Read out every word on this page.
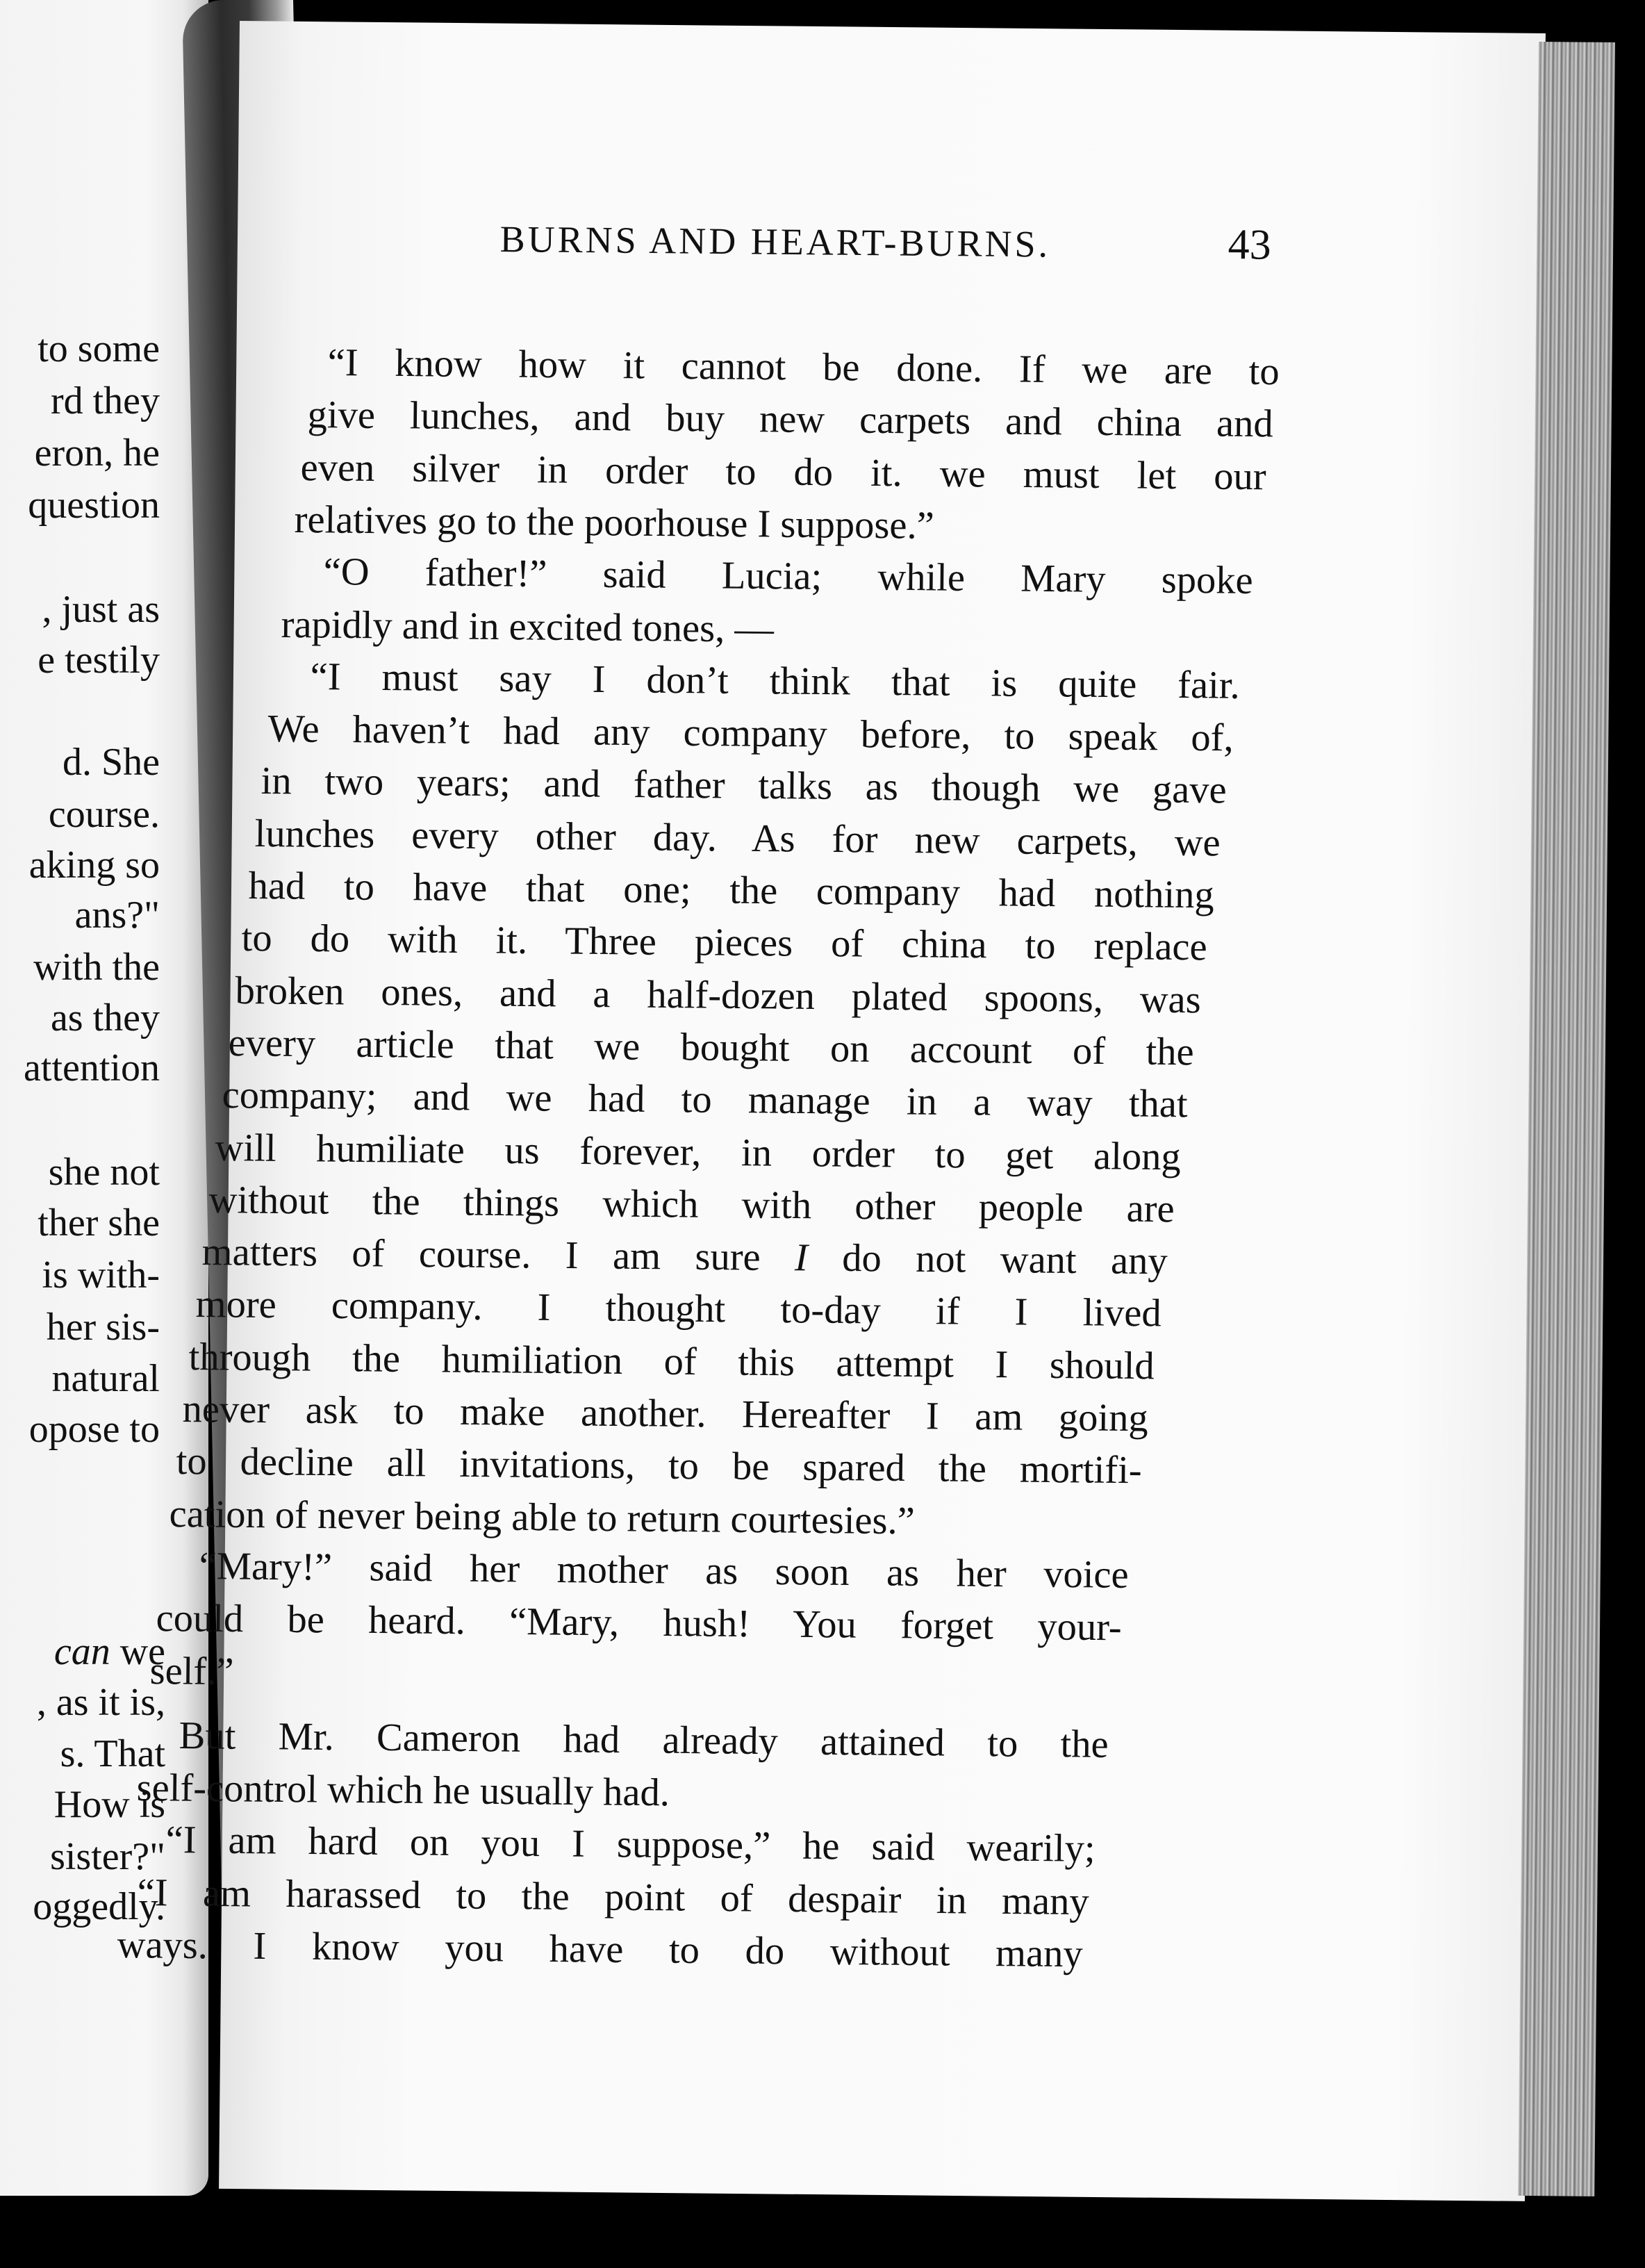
to some
rd they
eron, he
question
, just as
e testily
d. She
course.
aking so
ans?"
with the
as they
attention
she not
ther she
is with-
her sis-
natural
opose to
can we
, as it is,
s. That
How is
sister?"
oggedly.
BURNS AND HEART-BURNS.	43
“I know how it cannot be done. If we are to
give lunches, and buy new carpets and china and
even silver in order to do it. we must let our
relatives go to the poorhouse I suppose.”
“O father!” said Lucia; while Mary spoke
rapidly and in excited tones, —
“I must say I don’t think that is quite fair.
We haven’t had any company before, to speak of,
in two years; and father talks as though we gave
lunches every other day. As for new carpets, we
had to have that one; the company had nothing
to do with it. Three pieces of china to replace
broken ones, and a half-dozen plated spoons, was
every article that we bought on account of the
company; and we had to manage in a way that
will humiliate us forever, in order to get along
without the things which with other people are
matters of course. I am sure I do not want any
more company. I thought to-day if I lived
through the humiliation of this attempt I should
never ask to make another. Hereafter I am going
to decline all invitations, to be spared the mortifi-
cation of never being able to return courtesies.”
“Mary!” said her mother as soon as her voice
could be heard. “Mary, hush! You forget your-
self.”
But Mr. Cameron had already attained to the
self-control which he usually had.
“I am hard on you I suppose,” he said wearily;
“I am harassed to the point of despair in many
ways. I know you have to do without many
